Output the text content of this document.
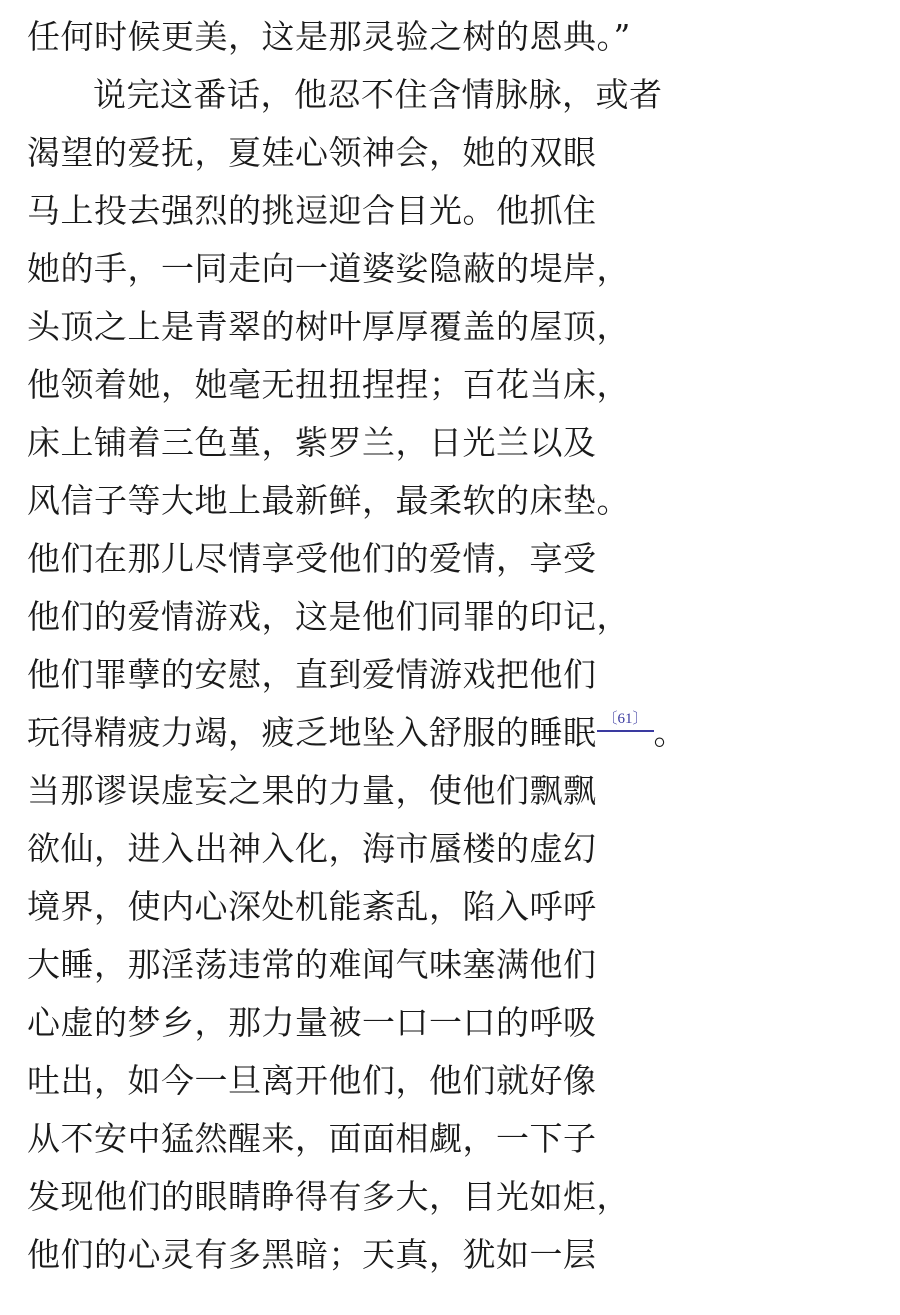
任何时候更美，这是那灵验之树的恩典。”
说完这番话，他忍不住含情脉脉，或者
渴望的爱抚，夏娃心领神会，她的双眼
马上投去强烈的挑逗迎合目光。他抓住
她的手，一同走向一道婆娑隐蔽的堤岸，
头顶之上是青翠的树叶厚厚覆盖的屋顶，
他领着她，她毫无扭扭捏捏；百花当床，
床上铺着三色堇，紫罗兰，日光兰以及
风信子等大地上最新鲜，最柔软的床垫。
他们在那儿尽情享受他们的爱情，享受
他们的爱情游戏，这是他们同罪的印记，
他们罪孽的安慰，直到爱情游戏把他们
玩得精疲力竭，疲乏地坠入舒服的睡眠 〔61〕 。
当那谬误虚妄之果的力量，使他们飘飘
欲仙，进入出神入化，海市蜃楼的虚幻
境界，使内心深处机能紊乱，陷入呼呼
大睡，那淫荡违常的难闻气味塞满他们
心虚的梦乡，那力量被一口一口的呼吸
吐出，如今一旦离开他们，他们就好像
从不安中猛然醒来，面面相觑，一下子
发现他们的眼睛睁得有多大，目光如炬，
他们的心灵有多黑暗；天真，犹如一层
